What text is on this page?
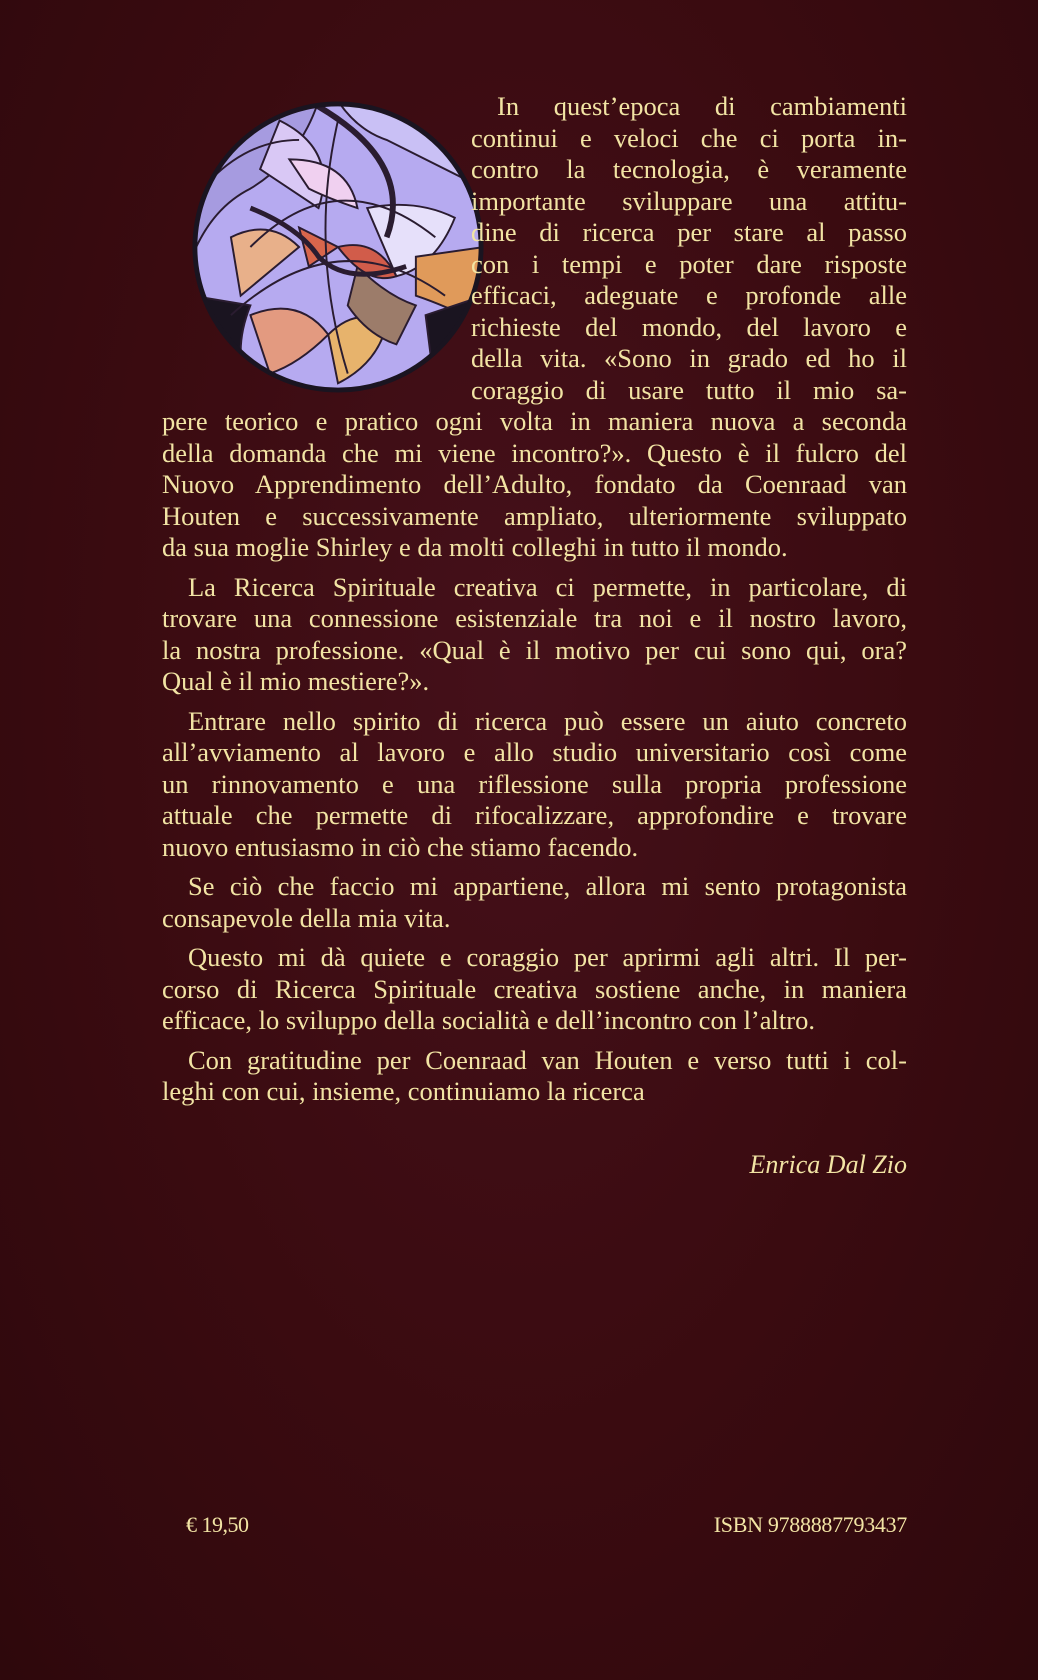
In quest’epoca di cambiamenti
continui e veloci che ci porta in-
contro la tecnologia, è veramente
importante sviluppare una attitu-
dine di ricerca per stare al passo
con i tempi e poter dare risposte
efficaci, adeguate e profonde alle
richieste del mondo, del lavoro e
della vita. «Sono in grado ed ho il
coraggio di usare tutto il mio sa-
pere teorico e pratico ogni volta in maniera nuova a seconda
della domanda che mi viene incontro?». Questo è il fulcro del
Nuovo Apprendimento dell’Adulto, fondato da Coenraad van
Houten e successivamente ampliato, ulteriormente sviluppato
da sua moglie Shirley e da molti colleghi in tutto il mondo.
La Ricerca Spirituale creativa ci permette, in particolare, di
trovare una connessione esistenziale tra noi e il nostro lavoro,
la nostra professione. «Qual è il motivo per cui sono qui, ora?
Qual è il mio mestiere?».
Entrare nello spirito di ricerca può essere un aiuto concreto
all’avviamento al lavoro e allo studio universitario così come
un rinnovamento e una riflessione sulla propria professione
attuale che permette di rifocalizzare, approfondire e trovare
nuovo entusiasmo in ciò che stiamo facendo.
Se ciò che faccio mi appartiene, allora mi sento protagonista
consapevole della mia vita.
Questo mi dà quiete e coraggio per aprirmi agli altri. Il per-
corso di Ricerca Spirituale creativa sostiene anche, in maniera
efficace, lo sviluppo della socialità e dell’incontro con l’altro.
Con gratitudine per Coenraad van Houten e verso tutti i col-
leghi con cui, insieme, continuiamo la ricerca
Enrica Dal Zio
€ 19,50	ISBN 9788887793437
